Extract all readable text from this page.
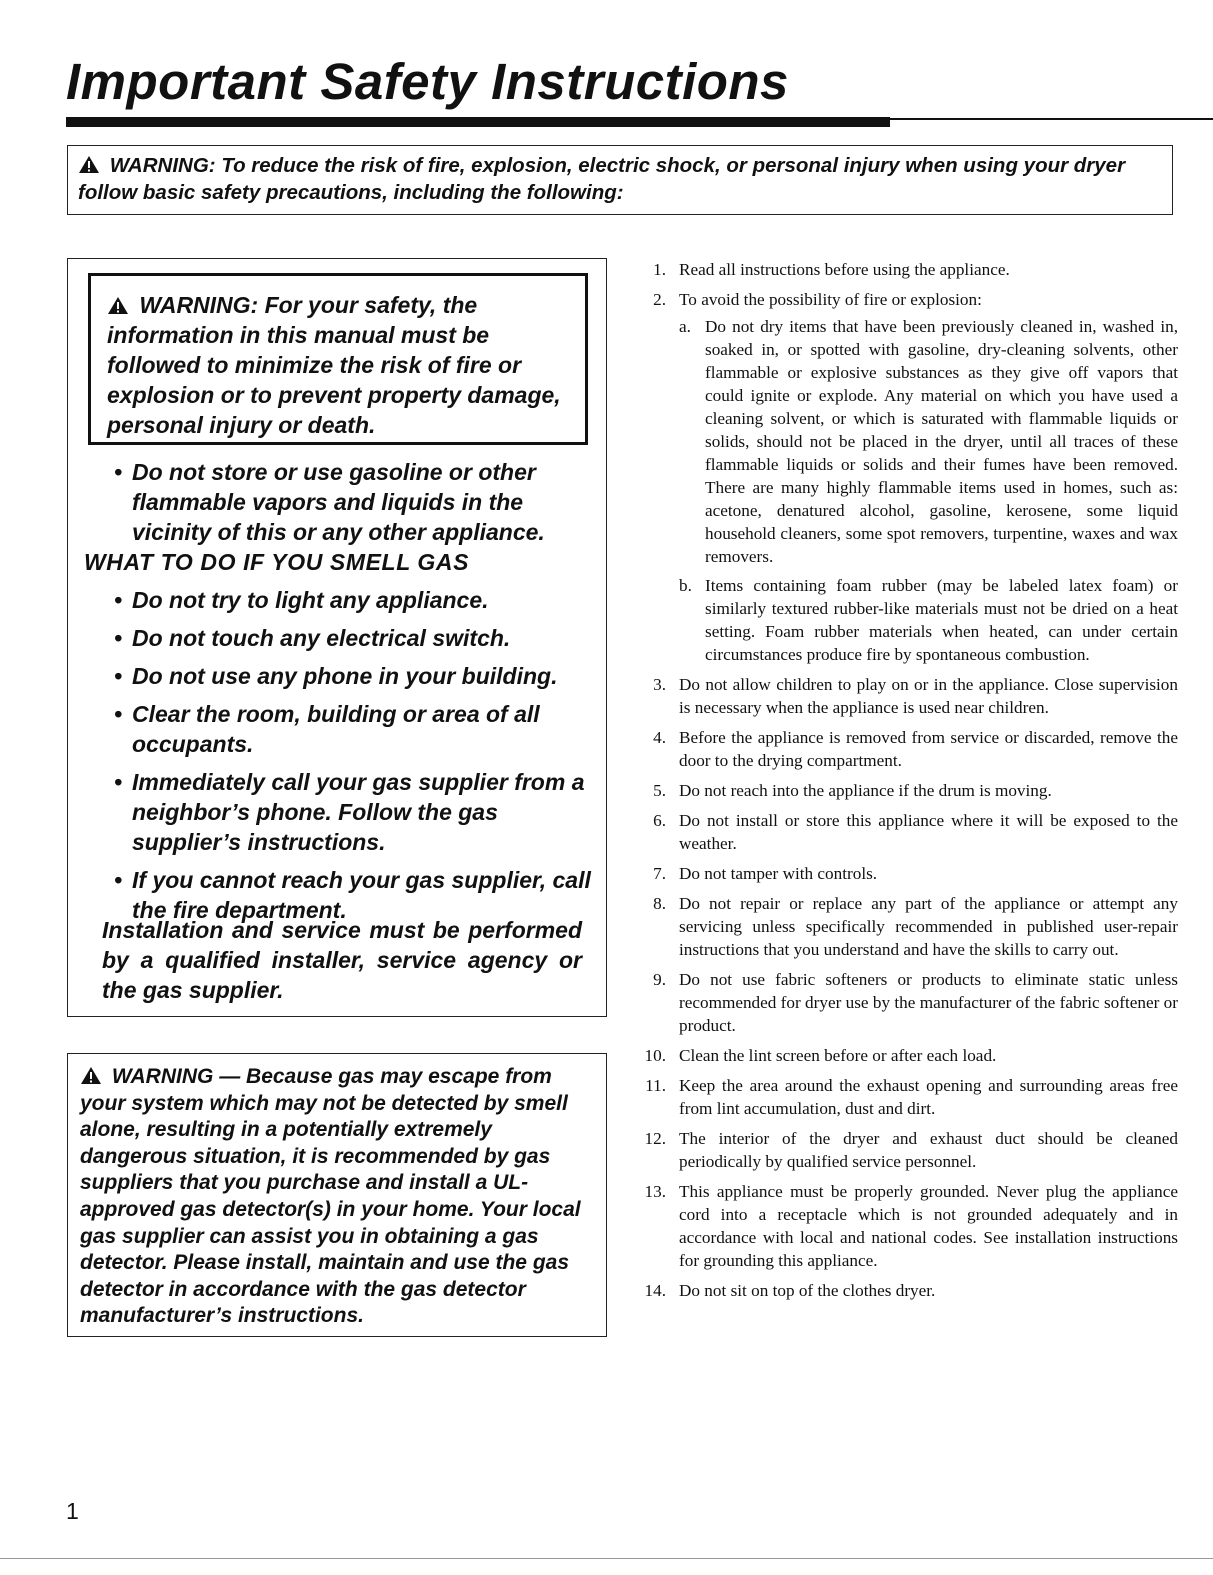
Important Safety Instructions
WARNING: To reduce the risk of fire, explosion, electric shock, or personal injury when using your dryer follow basic safety precautions, including the following:
WARNING: For your safety, the information in this manual must be followed to minimize the risk of fire or explosion or to prevent property damage, personal injury or death.
• Do not store or use gasoline or other flammable vapors and liquids in the vicinity of this or any other appliance.
WHAT TO DO IF YOU SMELL GAS
• Do not try to light any appliance.
• Do not touch any electrical switch.
• Do not use any phone in your building.
• Clear the room, building or area of all occupants.
• Immediately call your gas supplier from a neighbor’s phone. Follow the gas supplier’s instructions.
• If you cannot reach your gas supplier, call the fire department.
Installation and service must be performed by a qualified installer, service agency or the gas supplier.
WARNING — Because gas may escape from your system which may not be detected by smell alone, resulting in a potentially extremely dangerous situation, it is recommended by gas suppliers that you purchase and install a UL-approved gas detector(s) in your home. Your local gas supplier can assist you in obtaining a gas detector. Please install, maintain and use the gas detector in accordance with the gas detector manufacturer’s instructions.
1. Read all instructions before using the appliance.
2. To avoid the possibility of fire or explosion:
a. Do not dry items that have been previously cleaned in, washed in, soaked in, or spotted with gasoline, dry-cleaning solvents, other flammable or explosive substances as they give off vapors that could ignite or explode. Any material on which you have used a cleaning solvent, or which is saturated with flammable liquids or solids, should not be placed in the dryer, until all traces of these flammable liquids or solids and their fumes have been removed. There are many highly flammable items used in homes, such as: acetone, denatured alcohol, gasoline, kerosene, some liquid household cleaners, some spot removers, turpentine, waxes and wax removers.
b. Items containing foam rubber (may be labeled latex foam) or similarly textured rubber-like materials must not be dried on a heat setting. Foam rubber materials when heated, can under certain circumstances produce fire by spontaneous combustion.
3. Do not allow children to play on or in the appliance. Close supervision is necessary when the appliance is used near children.
4. Before the appliance is removed from service or discarded, remove the door to the drying compartment.
5. Do not reach into the appliance if the drum is moving.
6. Do not install or store this appliance where it will be exposed to the weather.
7. Do not tamper with controls.
8. Do not repair or replace any part of the appliance or attempt any servicing unless specifically recommended in published user-repair instructions that you understand and have the skills to carry out.
9. Do not use fabric softeners or products to eliminate static unless recommended for dryer use by the manufacturer of the fabric softener or product.
10. Clean the lint screen before or after each load.
11. Keep the area around the exhaust opening and surrounding areas free from lint accumulation, dust and dirt.
12. The interior of the dryer and exhaust duct should be cleaned periodically by qualified service personnel.
13. This appliance must be properly grounded. Never plug the appliance cord into a receptacle which is not grounded adequately and in accordance with local and national codes. See installation instructions for grounding this appliance.
14. Do not sit on top of the clothes dryer.
1
